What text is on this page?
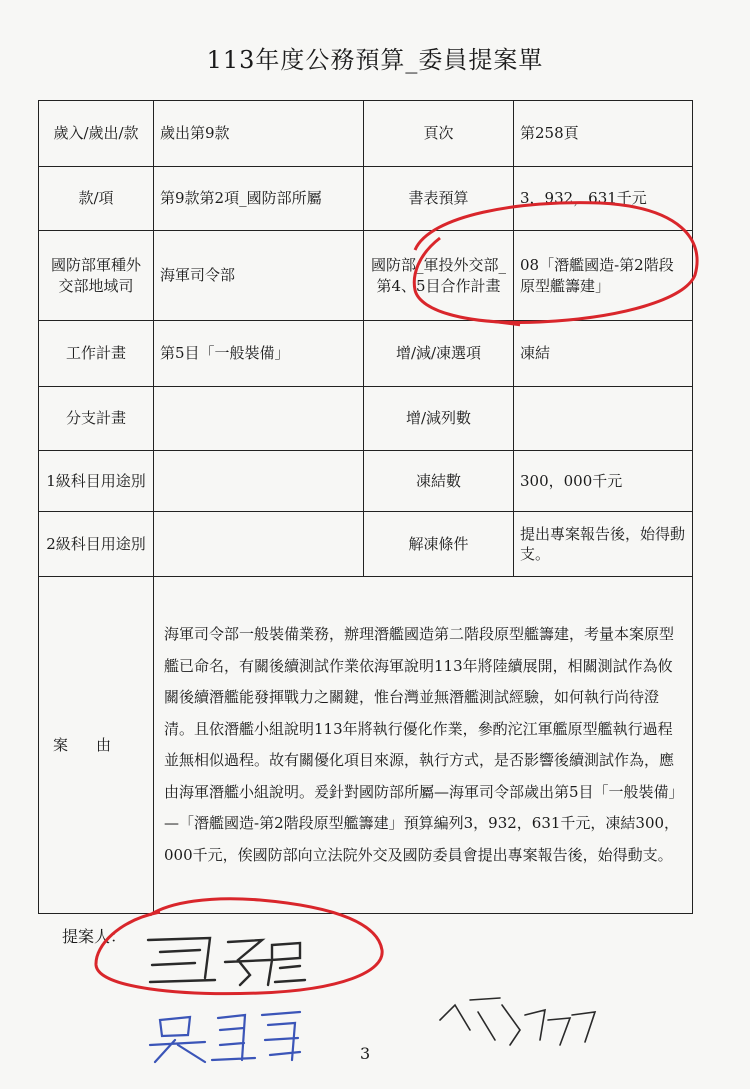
113年度公務預算_委員提案單
歲入/歲出/款	歲出第9款	頁次	第258頁
款/項	第9款第2項_國防部所屬	書表預算	3，932，631千元
國防部軍種外交部地域司	海軍司令部	國防部_軍投外交部_第4、5目合作計畫	08「潛艦國造-第2階段原型艦籌建」
工作計畫	第5目「一般裝備」	增/減/凍選項	凍結
分支計畫		增/減列數	
1級科目用途別		凍結數	300，000千元
2級科目用途別		解凍條件	提出專案報告後，始得動支。
案由	海軍司令部一般裝備業務，辦理潛艦國造第二階段原型艦籌建，考量本案原型艦已命名，有關後續測試作業依海軍說明113年將陸續展開，相關測試作為攸關後續潛艦能發揮戰力之關鍵，惟台灣並無潛艦測試經驗，如何執行尚待澄清。且依潛艦小組說明113年將執行優化作業，參酌沱江軍艦原型艦執行過程並無相似過程。故有關優化項目來源，執行方式，是否影響後續測試作為，應由海軍潛艦小組說明。爰針對國防部所屬—海軍司令部歲出第5目「一般裝備」—「潛艦國造-第2階段原型艦籌建」預算編列3，932，631千元，凍結300，000千元，俟國防部向立法院外交及國防委員會提出專案報告後，始得動支。		
提案人：
3
